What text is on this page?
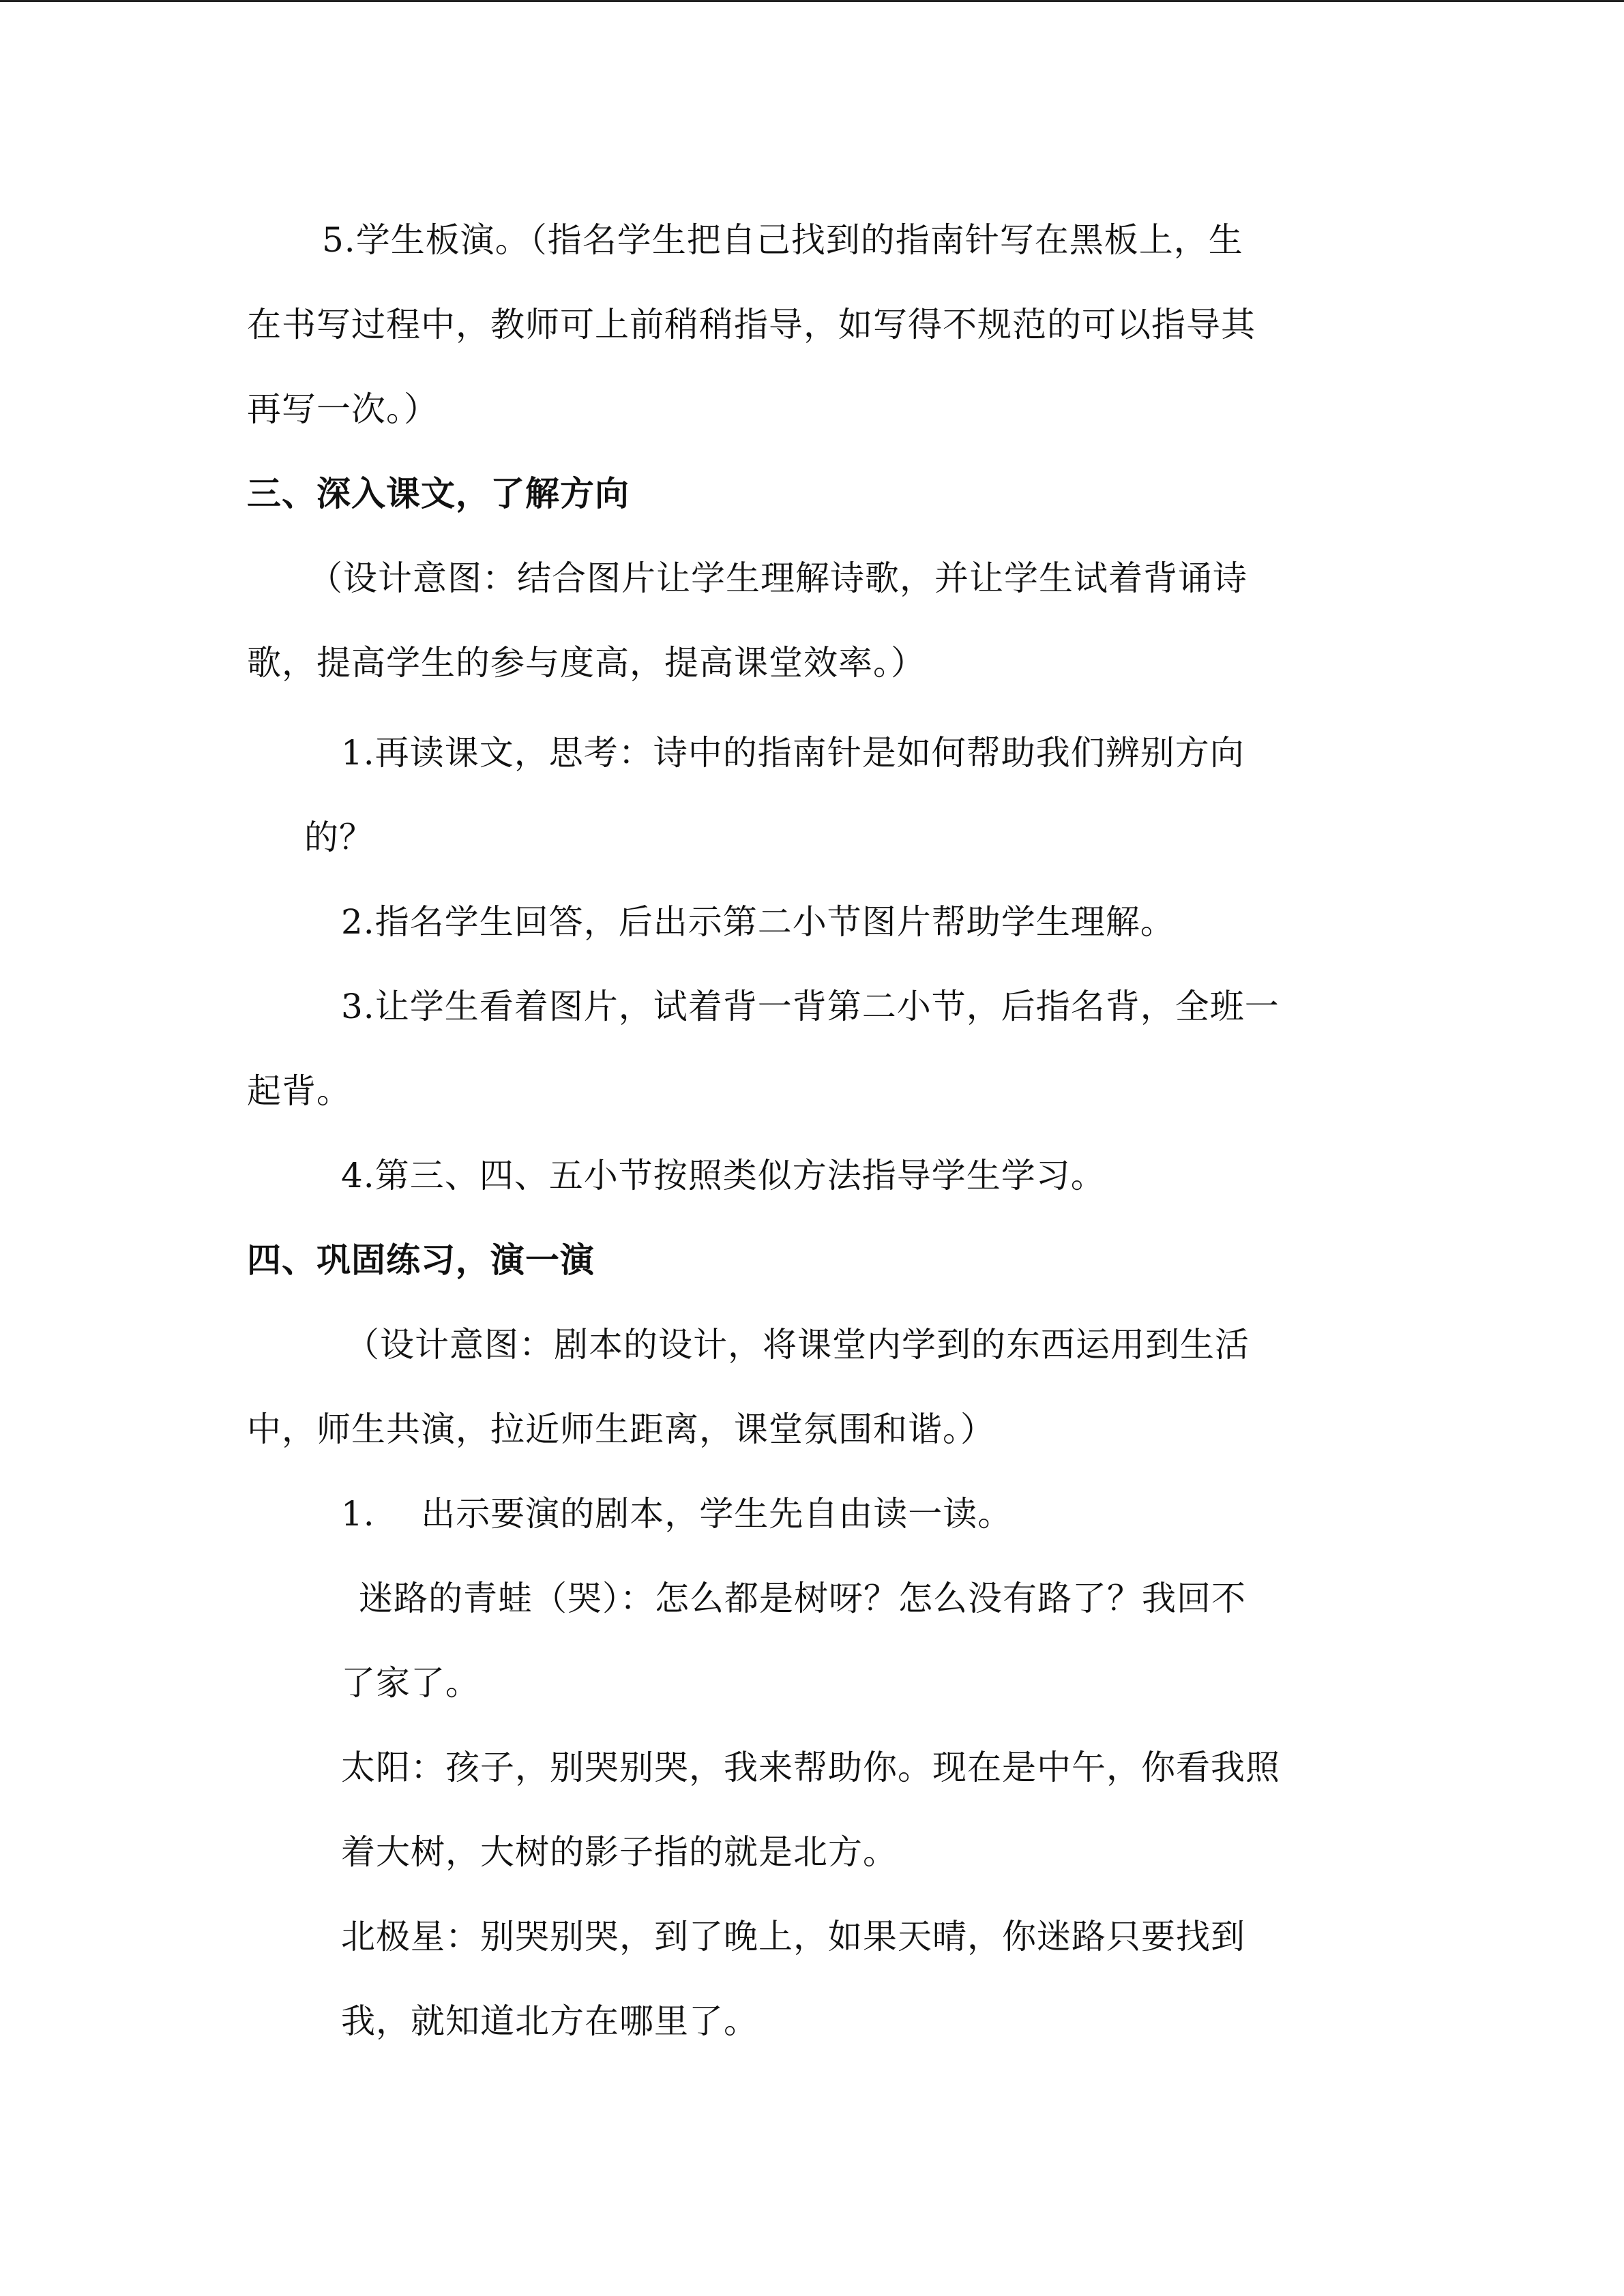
5.学生板演。（指名学生把自己找到的指南针写在黑板上，生
在书写过程中，教师可上前稍稍指导，如写得不规范的可以指导其
再写一次。）
三、深入课文，了解方向
（设计意图：结合图片让学生理解诗歌，并让学生试着背诵诗
歌，提高学生的参与度高，提高课堂效率。）
1.再读课文，思考：诗中的指南针是如何帮助我们辨别方向
的？
2.指名学生回答，后出示第二小节图片帮助学生理解。
3.让学生看着图片，试着背一背第二小节，后指名背，全班一
起背。
4.第三、四、五小节按照类似方法指导学生学习。
四、巩固练习，演一演
（设计意图：剧本的设计，将课堂内学到的东西运用到生活
中，师生共演，拉近师生距离，课堂氛围和谐。）
1.    出示要演的剧本，学生先自由读一读。
迷路的青蛙（哭）：怎么都是树呀？怎么没有路了？我回不
了家了。
太阳：孩子，别哭别哭，我来帮助你。现在是中午，你看我照
着大树，大树的影子指的就是北方。
北极星：别哭别哭，到了晚上，如果天晴，你迷路只要找到
我，就知道北方在哪里了。
